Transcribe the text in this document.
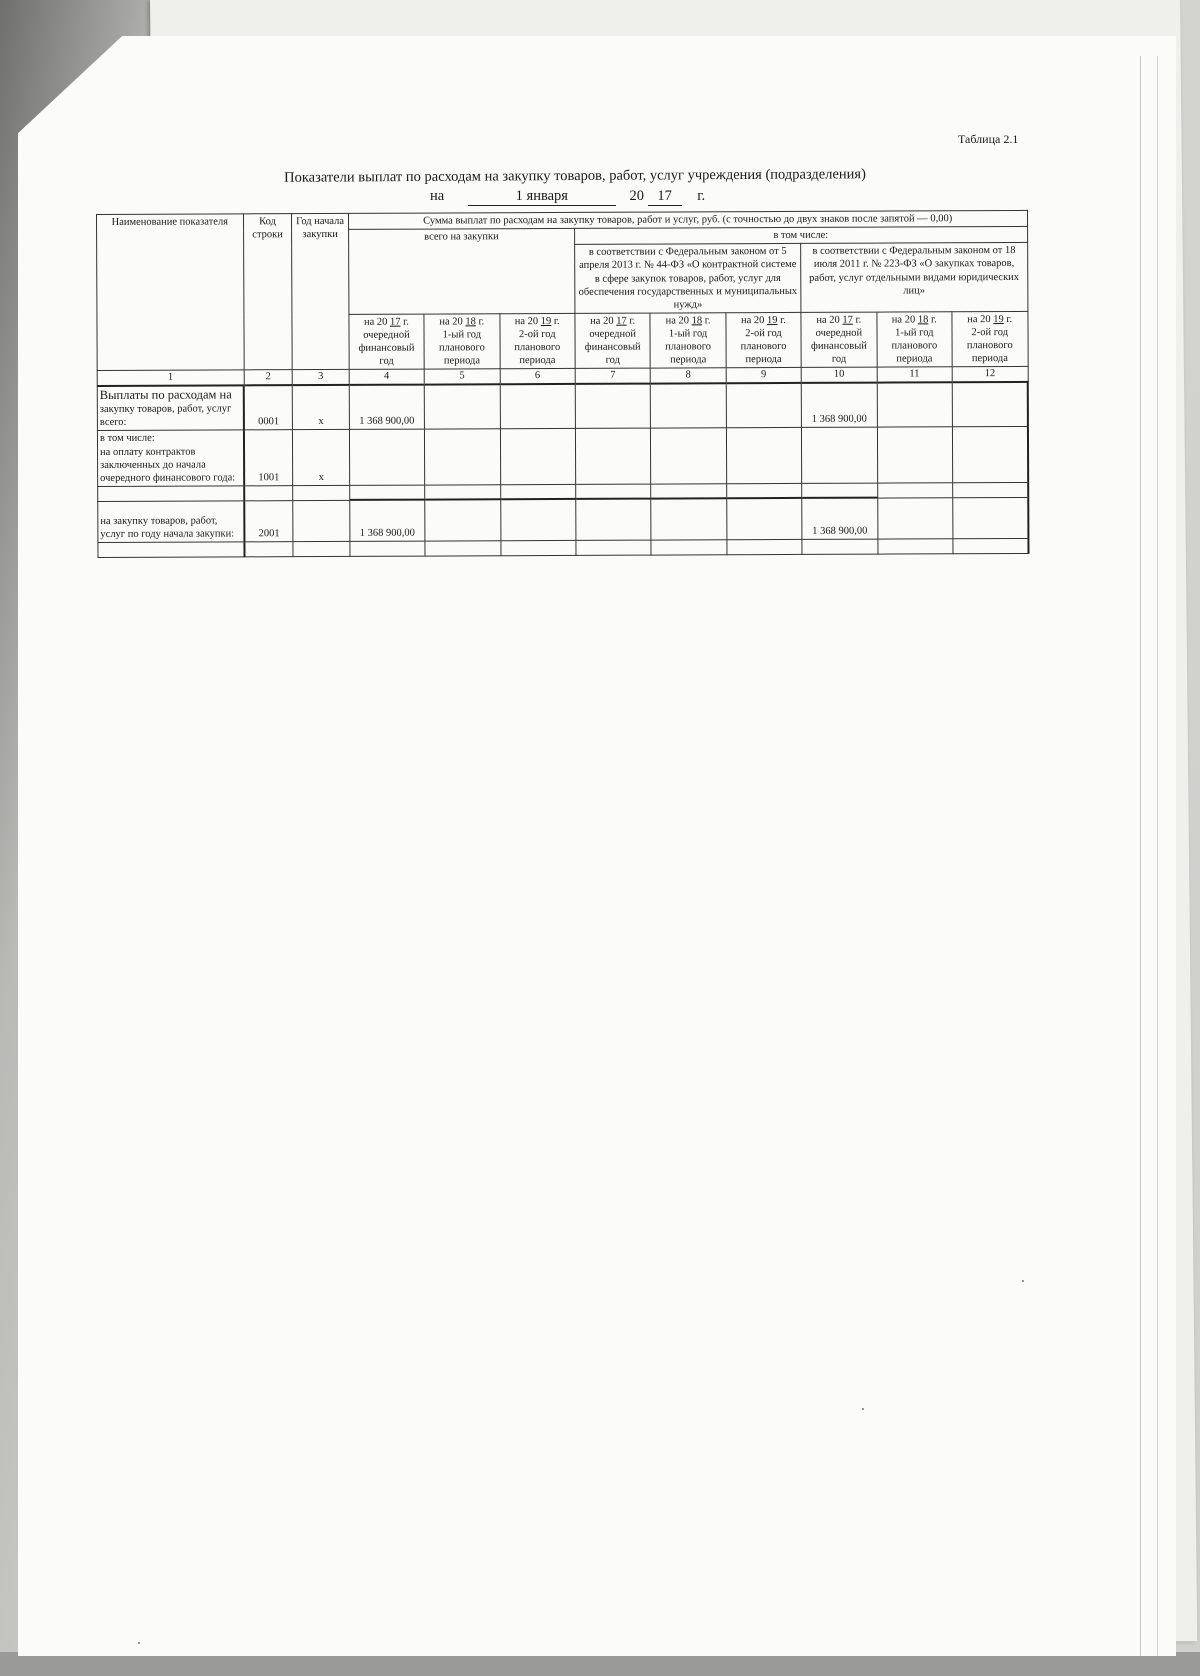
Таблица 2.1
Показатели выплат по расходам на закупку товаров, работ, услуг учреждения (подразделения)
на	1 января	20 17 г.
Наименование показателя	Код строки	Год начала закупки	Сумма выплат по расходам на закупку товаров, работ и услуг, руб. (с точностью до двух знаков после запятой — 0,00)								
			всего на закупки			в том числе:					
						в соответствии с Федеральным законом от 5 апреля 2013 г. № 44-ФЗ «О контрактной системе в сфере закупок товаров, работ, услуг для обеспечения государственных и муниципальных нужд»			в соответствии с Федеральным законом от 18 июля 2011 г. № 223-ФЗ «О закупках товаров, работ, услуг отдельными видами юридических лиц»		
			на 20 17 г.
очередной
финансовый
год	на 20 18 г.
1-ый год
планового
периода	на 20 19 г.
2-ой год
планового
периода	на 20 17 г.
очередной
финансовый
год	на 20 18 г.
1-ый год
планового
периода	на 20 19 г.
2-ой год
планового
периода	на 20 17 г.
очередной
финансовый
год	на 20 18 г.
1-ый год
планового
периода	на 20 19 г.
2-ой год
планового
периода
1	2	3	4	5	6	7	8	9	10	11	12
Выплаты по расходам на
закупку товаров, работ, услуг всего:	0001	x	1 368 900,00						1 368 900,00		
в том числе:
на оплату контрактов заключенных до начала очередного финансового года:	1001	x									

на закупку товаров, работ, услуг по году начала закупки:	2001		1 368 900,00						1 368 900,00		
